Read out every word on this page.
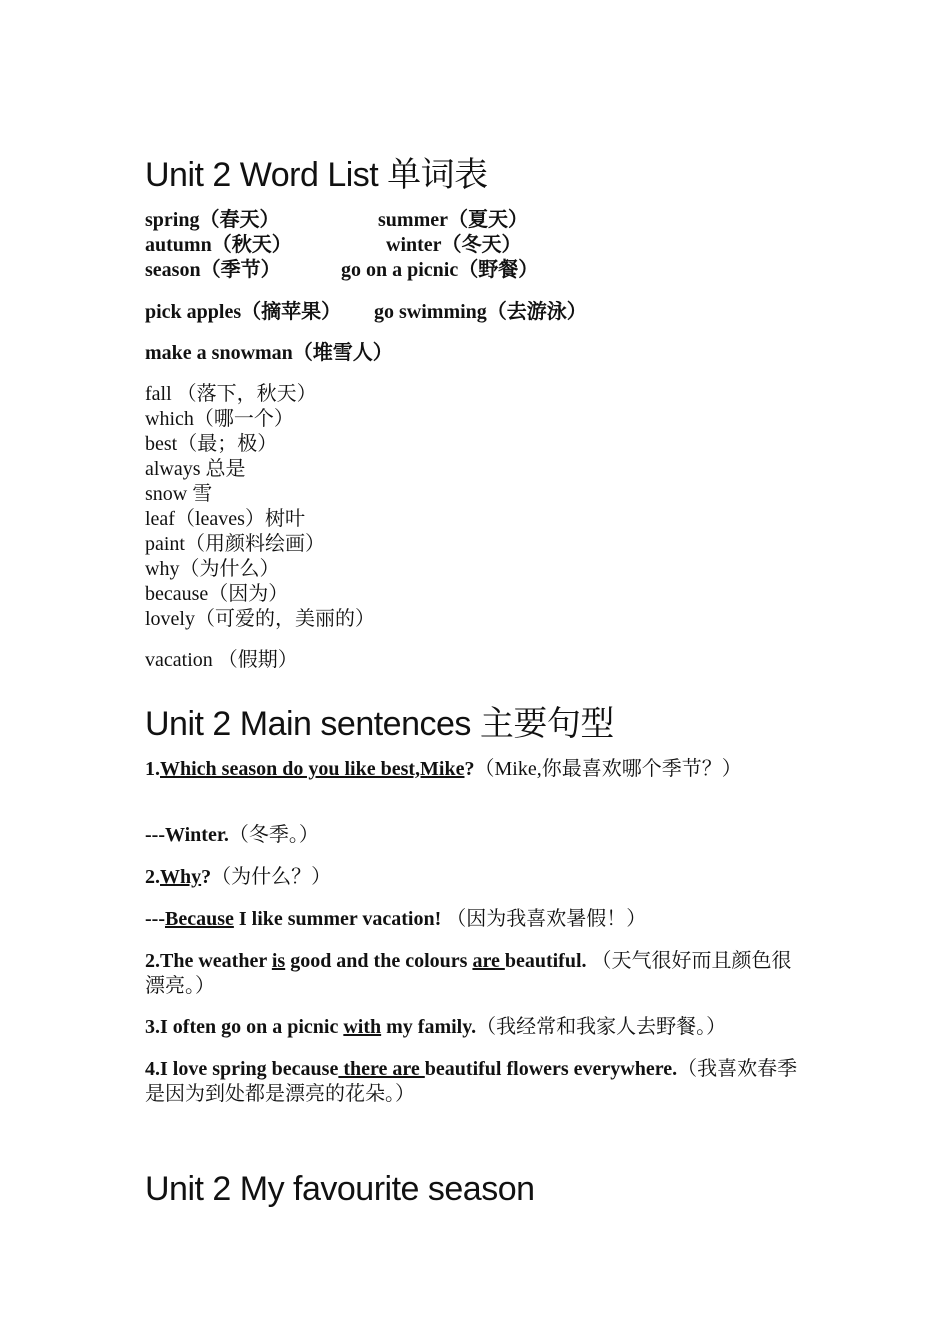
Unit 2 Word List 单词表
spring（春天）	summer（夏天）
autumn（秋天）	winter（冬天）
season（季节）	go on a picnic（野餐）
pick apples（摘苹果） go swimming（去游泳）
make a snowman（堆雪人）
fall （落下，秋天）
which（哪一个）
best（最；极）
always 总是
snow 雪
leaf（leaves）树叶
paint（用颜料绘画）
why（为什么）
because（因为）
lovely（可爱的，美丽的）
vacation （假期）
Unit 2 Main sentences 主要句型
1.Which season do you like best,Mike?（Mike,你最喜欢哪个季节？）
---Winter.（冬季。）
2.Why?（为什么？）
---Because I like summer vacation! （因为我喜欢暑假！）
2.The weather is good and the colours are beautiful. （天气很好而且颜色很漂亮。）
3.I often go on a picnic with my family.（我经常和我家人去野餐。）
4.I love spring because there are beautiful flowers everywhere.（我喜欢春季是因为到处都是漂亮的花朵。）
Unit 2 My favourite season
